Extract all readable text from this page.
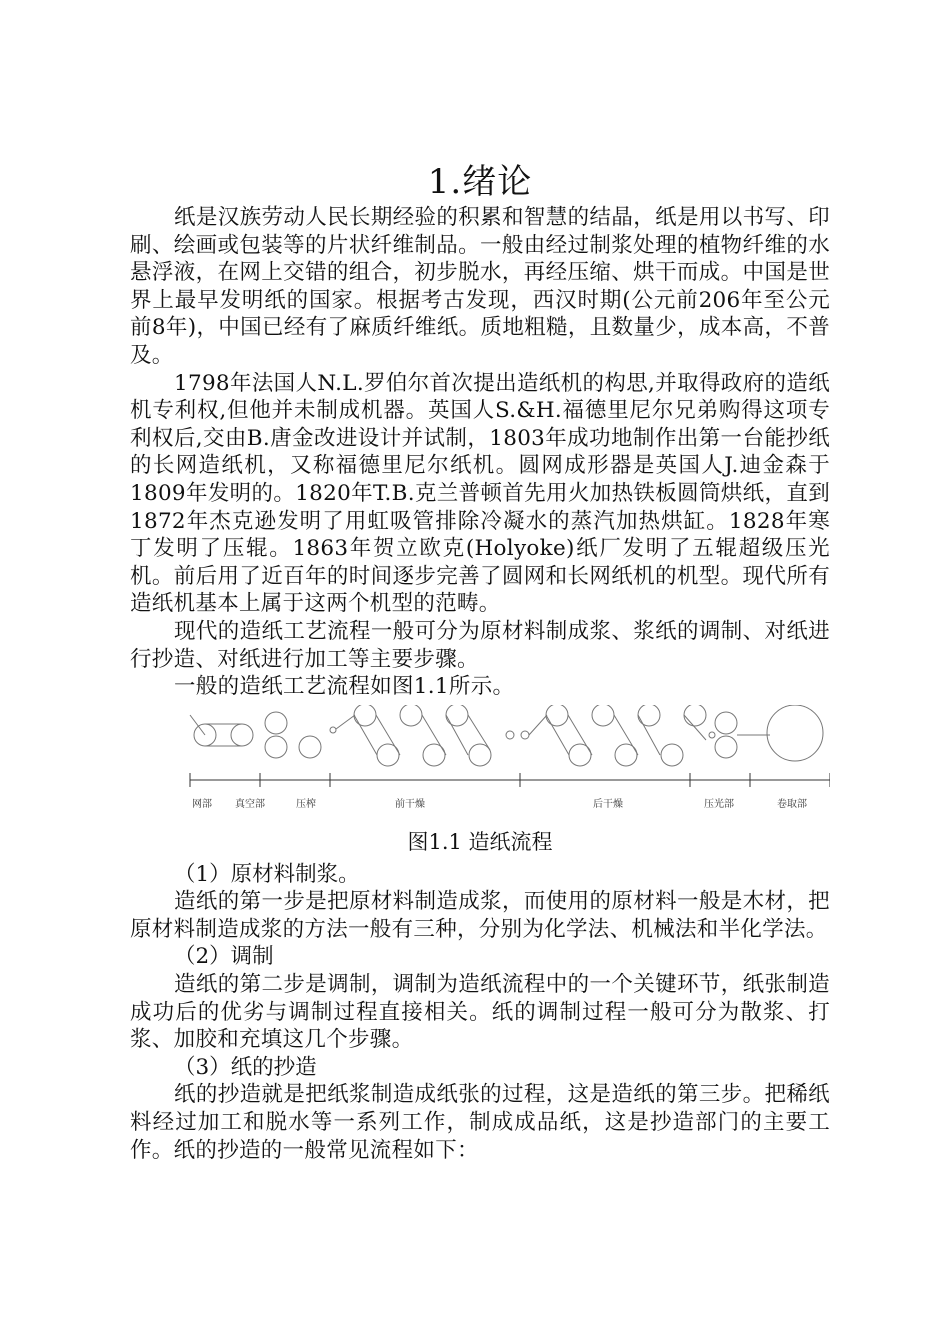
1.绪论

纸是汉族劳动人民长期经验的积累和智慧的结晶，纸是用以书写、印刷、绘画或包装等的片状纤维制品。一般由经过制浆处理的植物纤维的水悬浮液，在网上交错的组合，初步脱水，再经压缩、烘干而成。中国是世界上最早发明纸的国家。根据考古发现，西汉时期(公元前206年至公元前8年)，中国已经有了麻质纤维纸。质地粗糙，且数量少，成本高，不普及。

1798年法国人N.L.罗伯尔首次提出造纸机的构思,并取得政府的造纸机专利权,但他并未制成机器。英国人S.&H.福德里尼尔兄弟购得这项专利权后,交由B.唐金改进设计并试制，1803年成功地制作出第一台能抄纸的长网造纸机，又称福德里尼尔纸机。圆网成形器是英国人J.迪金森于1809年发明的。1820年T.B.克兰普顿首先用火加热铁板圆筒烘纸，直到1872年杰克逊发明了用虹吸管排除冷凝水的蒸汽加热烘缸。1828年寒丁发明了压辊。1863年贺立欧克(Holyoke)纸厂发明了五辊超级压光机。前后用了近百年的时间逐步完善了圆网和长网纸机的机型。现代所有造纸机基本上属于这两个机型的范畴。

现代的造纸工艺流程一般可分为原材料制成浆、浆纸的调制、对纸进行抄造、对纸进行加工等主要步骤。

一般的造纸工艺流程如图1.1所示。

网部 真空部	压榨	前干燥	后干燥	压光部	卷取部
图1.1 造纸流程

（1）原材料制浆。

造纸的第一步是把原材料制造成浆，而使用的原材料一般是木材，把原材料制造成浆的方法一般有三种，分别为化学法、机械法和半化学法。

（2）调制

造纸的第二步是调制，调制为造纸流程中的一个关键环节，纸张制造成功后的优劣与调制过程直接相关。纸的调制过程一般可分为散浆、打浆、加胶和充填这几个步骤。

（3）纸的抄造

纸的抄造就是把纸浆制造成纸张的过程，这是造纸的第三步。把稀纸料经过加工和脱水等一系列工作，制成成品纸，这是抄造部门的主要工作。纸的抄造的一般常见流程如下：
